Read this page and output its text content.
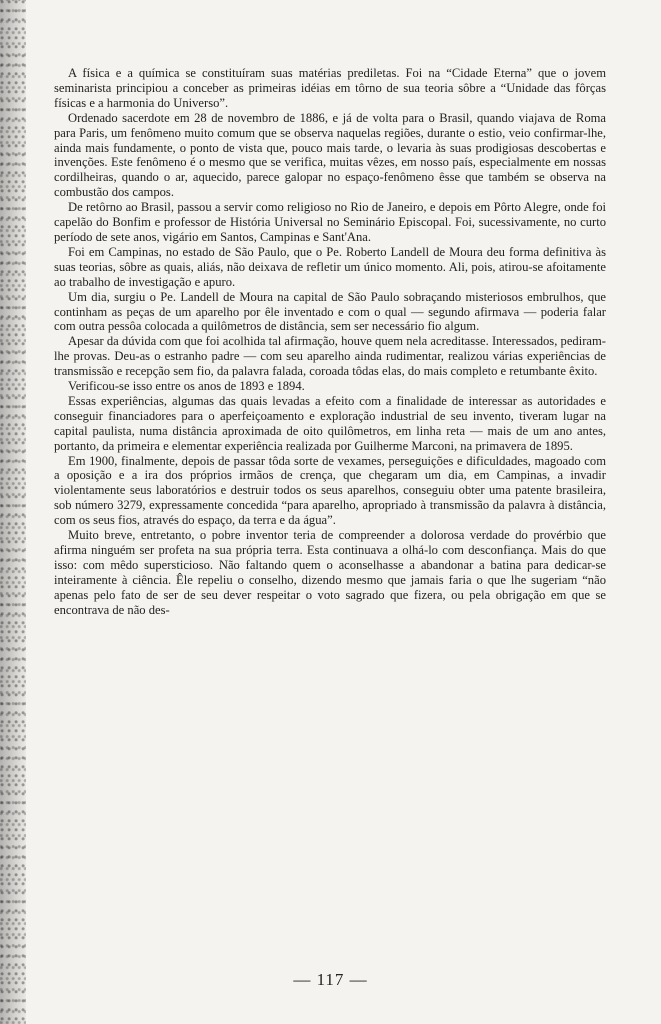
A física e a química se constituíram suas matérias prediletas. Foi na “Cidade Eterna” que o jovem seminarista principiou a conceber as primeiras idéias em tôrno de sua teoria sôbre a “Unidade das fôrças físicas e a harmonia do Universo”.

Ordenado sacerdote em 28 de novembro de 1886, e já de volta para o Brasil, quando viajava de Roma para Paris, um fenômeno muito comum que se observa naquelas regiões, durante o estio, veio confirmar-lhe, ainda mais fundamente, o ponto de vista que, pouco mais tarde, o levaria às suas prodigiosas descobertas e invenções. Este fenômeno é o mesmo que se verifica, muitas vêzes, em nosso país, especialmente em nossas cordilheiras, quando o ar, aquecido, parece galopar no espaço-fenômeno êsse que também se observa na combustão dos campos.

De retôrno ao Brasil, passou a servir como religioso no Rio de Janeiro, e depois em Pôrto Alegre, onde foi capelão do Bonfim e professor de História Universal no Seminário Episcopal. Foi, sucessivamente, no curto período de sete anos, vigário em Santos, Campinas e Sant'Ana.

Foi em Campinas, no estado de São Paulo, que o Pe. Roberto Landell de Moura deu forma definitiva às suas teorias, sôbre as quais, aliás, não deixava de refletir um único momento. Ali, pois, atirou-se afoitamente ao trabalho de investigação e apuro.

Um dia, surgiu o Pe. Landell de Moura na capital de São Paulo sobraçando misteriosos embrulhos, que continham as peças de um aparelho por êle inventado e com o qual — segundo afirmava — poderia falar com outra pessôa colocada a quilômetros de distância, sem ser necessário fio algum.

Apesar da dúvida com que foi acolhida tal afirmação, houve quem nela acreditasse. Interessados, pediram-lhe provas. Deu-as o estranho padre — com seu aparelho ainda rudimentar, realizou várias experiências de transmissão e recepção sem fio, da palavra falada, coroada tôdas elas, do mais completo e retumbante êxito.

Verificou-se isso entre os anos de 1893 e 1894.

Essas experiências, algumas das quais levadas a efeito com a finalidade de interessar as autoridades e conseguir financiadores para o aperfeiçoamento e exploração industrial de seu invento, tiveram lugar na capital paulista, numa distância aproximada de oito quilômetros, em linha reta — mais de um ano antes, portanto, da primeira e elementar experiência realizada por Guilherme Marconi, na primavera de 1895.

Em 1900, finalmente, depois de passar tôda sorte de vexames, perseguições e dificuldades, magoado com a oposição e a ira dos próprios irmãos de crença, que chegaram um dia, em Campinas, a invadir violentamente seus laboratórios e destruir todos os seus aparelhos, conseguiu obter uma patente brasileira, sob número 3279, expressamente concedida “para aparelho, apropriado à transmissão da palavra à distância, com os seus fios, através do espaço, da terra e da água”.

Muito breve, entretanto, o pobre inventor teria de compreender a dolorosa verdade do provérbio que afirma ninguém ser profeta na sua própria terra. Esta continuava a olhá-lo com desconfiança. Mais do que isso: com mêdo supersticioso. Não faltando quem o aconselhasse a abandonar a batina para dedicar-se inteiramente à ciência. Êle repeliu o conselho, dizendo mesmo que jamais faria o que lhe sugeriam “não apenas pelo fato de ser de seu dever respeitar o voto sagrado que fizera, ou pela obrigação em que se encontrava de não des-

— 117 —
